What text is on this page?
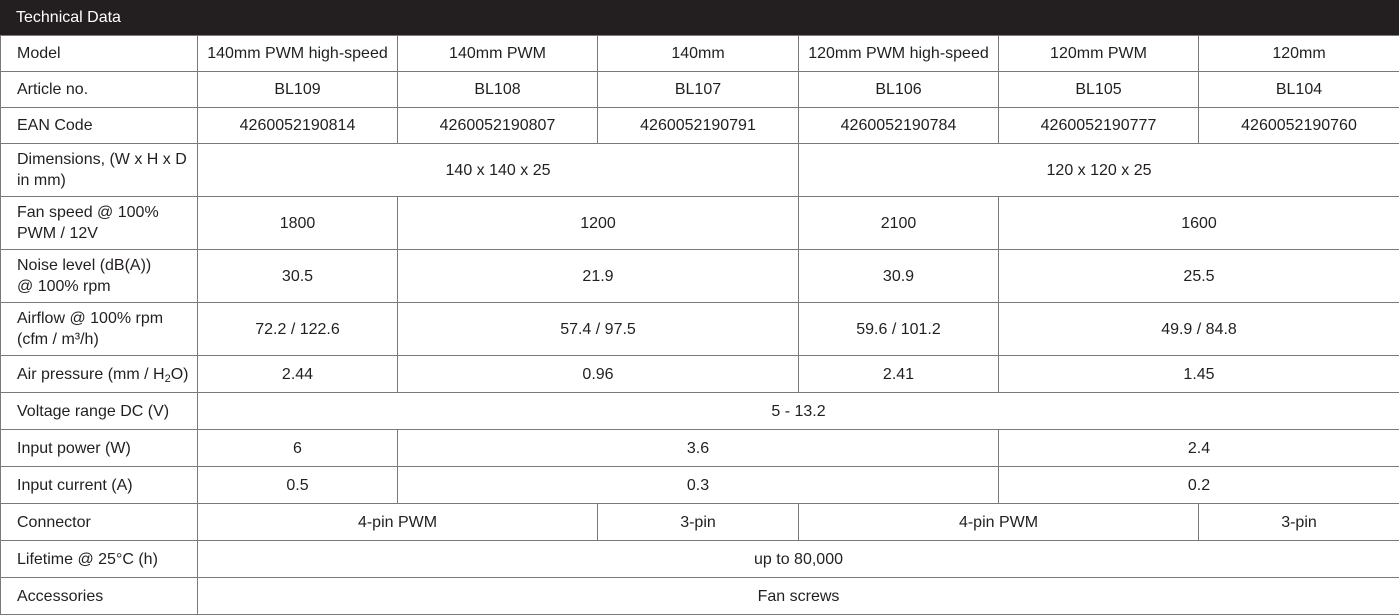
Technical Data
Model	140mm PWM high-speed	140mm PWM	140mm	120mm PWM high-speed	120mm PWM	120mm
Article no.	BL109	BL108	BL107	BL106	BL105	BL104
EAN Code	4260052190814	4260052190807	4260052190791	4260052190784	4260052190777	4260052190760
Dimensions, (W x H x D
in mm)	140 x 140 x 25			120 x 120 x 25		
Fan speed @ 100%
PWM / 12V	1800	1200		2100	1600	
Noise level (dB(A))
@ 100% rpm	30.5	21.9		30.9	25.5	
Airflow @ 100% rpm
(cfm / m³/h)	72.2 / 122.6	57.4 / 97.5		59.6 / 101.2	49.9 / 84.8	
Air pressure $(mm / H_2O)$	2.44	0.96		2.41	1.45	
Voltage range DC (V)	5 - 13.2					
Input power (W)	6	3.6			2.4	
Input current (A)	0.5	0.3			0.2	
Connector	4-pin PWM		3-pin	4-pin PWM		3-pin
Lifetime @ 25°C (h)	up to 80,000					
Accessories	Fan screws					
